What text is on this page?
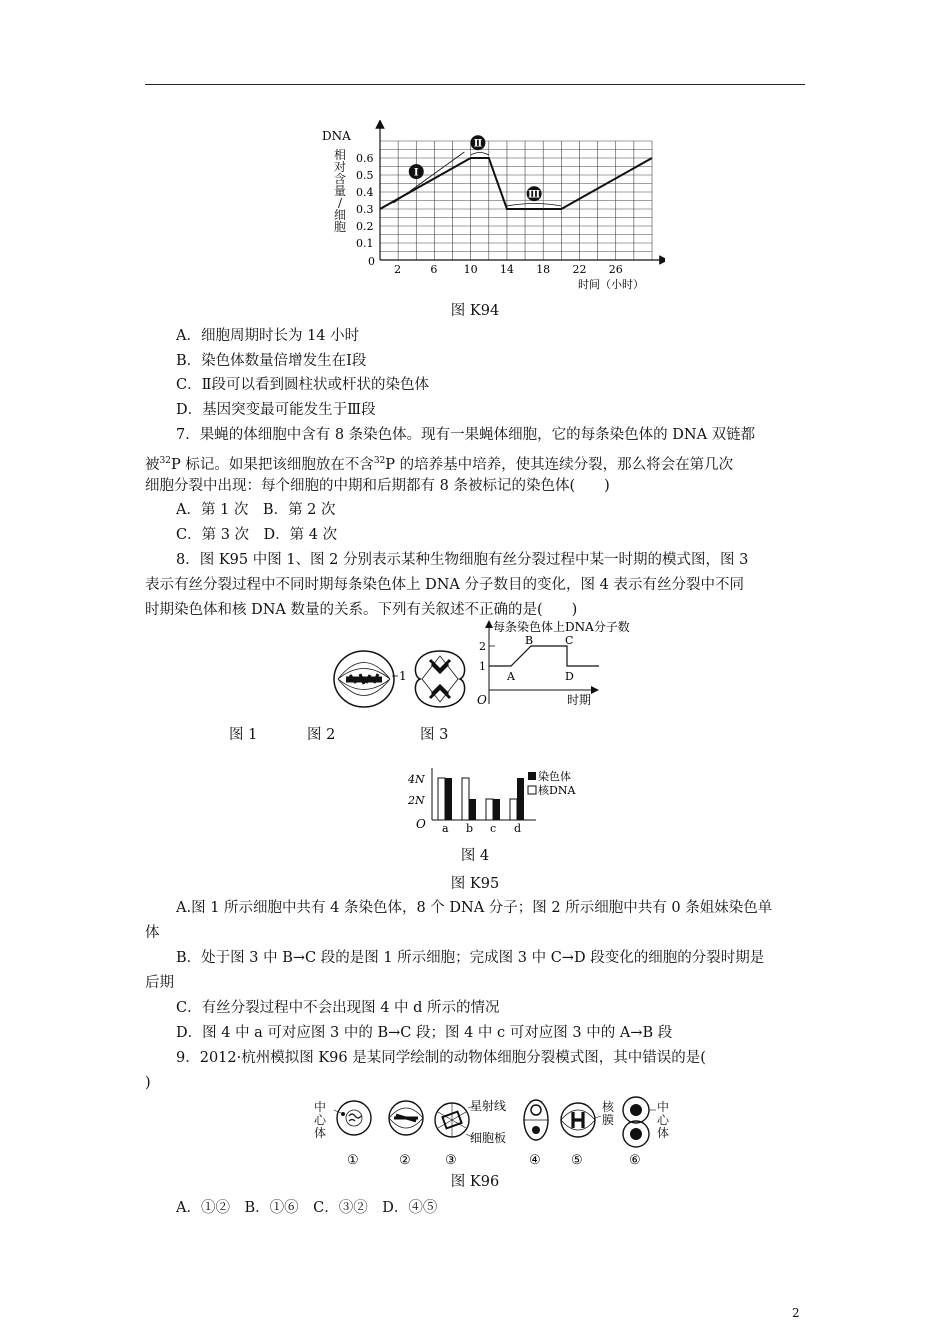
2	6 10 14 18 22 26
0.1
0.2
0.3
0.4
0.5
0.6
Ⅰ
Ⅱ
Ⅲ
DNA
0
时间（小时）
相
对
含
量
/
细
胞
图 K94
A．细胞周期时长为 14 小时
B．染色体数量倍增发生在Ⅰ段
C．Ⅱ段可以看到圆柱状或杆状的染色体
D．基因突变最可能发生于Ⅲ段
7．果蝇的体细胞中含有 8 条染色体。现有一果蝇体细胞，它的每条染色体的 DNA 双链都
被$^{32}$P 标记。如果把该细胞放在不含$^{32}$P 的培养基中培养，使其连续分裂，那么将会在第几次
细胞分裂中出现：每个细胞的中期和后期都有 8 条被标记的染色体(　　)
A．第 1 次　B．第 2 次
C．第 3 次　D．第 4 次
8．图 K95 中图 1、图 2 分别表示某种生物细胞有丝分裂过程中某一时期的模式图，图 3
表示有丝分裂过程中不同时期每条染色体上 DNA 分子数目的变化，图 4 表示有丝分裂中不同
时期染色体和核 DNA 数量的关系。下列有关叙述不正确的是(　　)
1
每条染色体上DNA分子数
2
1
O	时期
A
B	C
D
图 1	图 2	图 3
a b c d
4N
2N
O
染色体
核DNA
图 4
图 K95
A.图 1 所示细胞中共有 4 条染色体，8 个 DNA 分子；图 2 所示细胞中共有 0 条姐妹染色单
体
B．处于图 3 中 B→C 段的是图 1 所示细胞；完成图 3 中 C→D 段变化的细胞的分裂时期是
后期
C．有丝分裂过程中不会出现图 4 中 d 所示的情况
D．图 4 中 a 可对应图 3 中的 B→C 段；图 4 中 c 可对应图 3 中的 A→B 段
9．2012·杭州模拟图 K96 是某同学绘制的动物体细胞分裂模式图，其中错误的是(
)
星射线
细胞板
①	②	③	④ ⑤	⑥
中
心
体
中
心
体
核
膜
图 K96
A．①②　B．①⑥　C．③②　D．④⑤
2
